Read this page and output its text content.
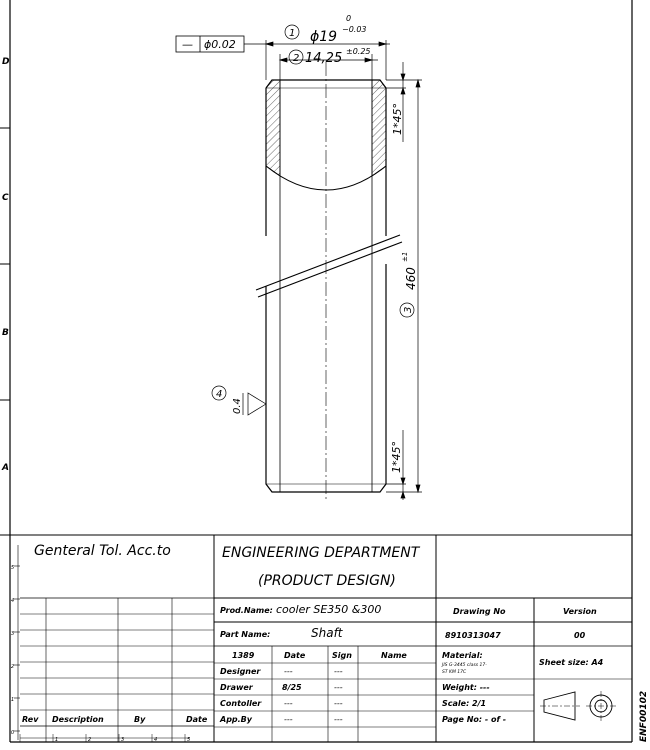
D
C
B
A
5
4
3
2
1
0
— ϕ0.02
1 ϕ19
0
−0.03
2 14,25 ±0.25
1*45°
1*45°
460
±1
3
4
0.4
1	2	3	4	5
Genteral Tol. Acc.to	ENGINEERING DEPARTMENT
(PRODUCT DESIGN)
Prod.Name: cooler SE350 &300	Drawing No	Version
Part Name:	Shaft	8910313047	00
1389	Date	Sign	Name	Material:
JIS G-3445 class 17-
ST KM 17C
Sheet size: A4
Designer	---	---
Drawer	8/25	---	Weight: ---
Contoller	---	---	Scale: 2/1
App.By	---	---	Page No: - of -
Rev Description	By	Date	ENF00102
